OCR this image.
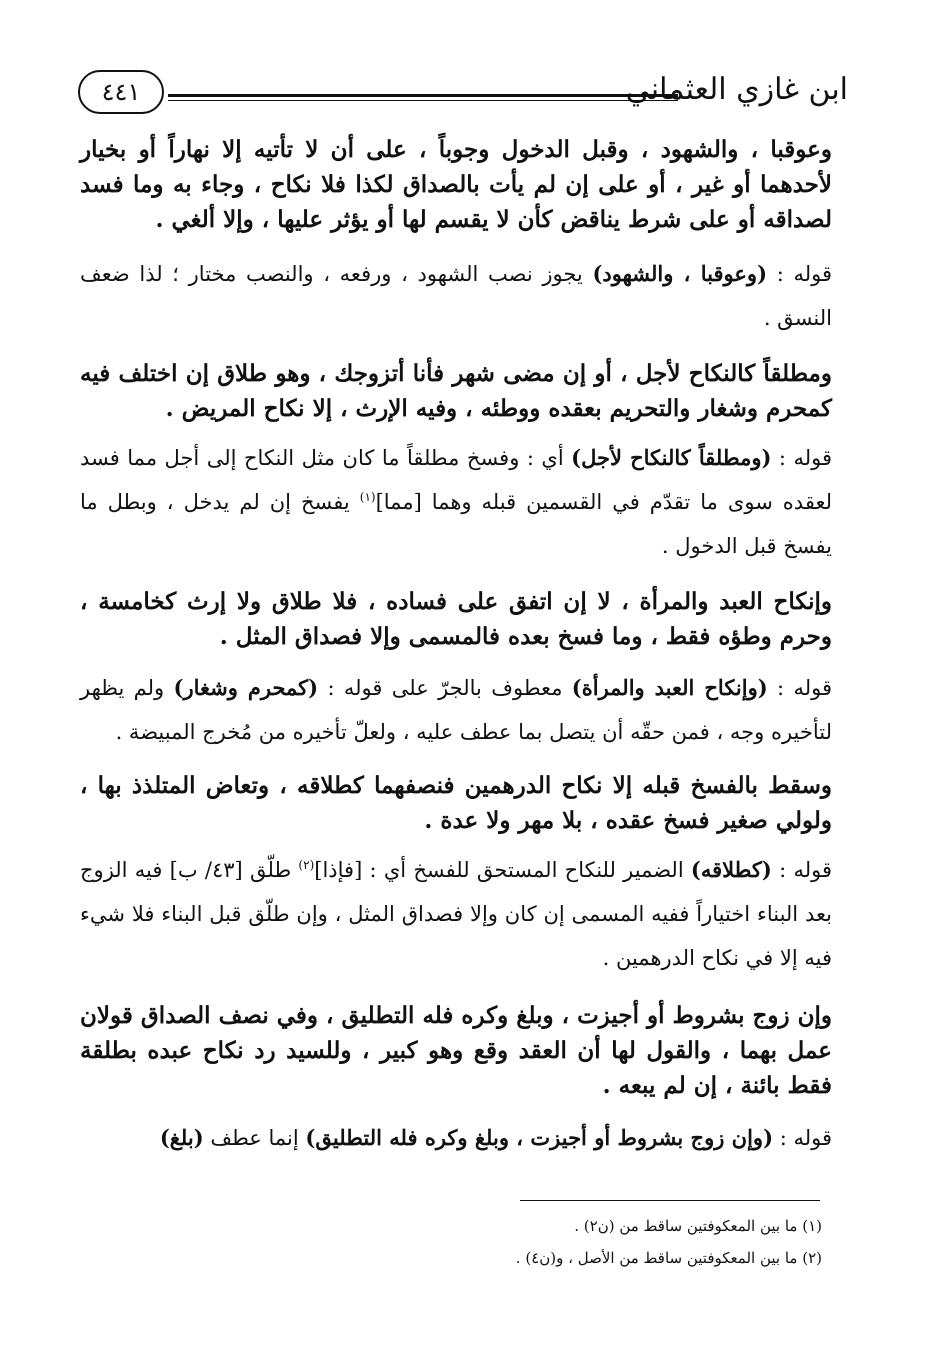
٤٤١	ابن غازي العثماني
وعوقبا ، والشهود ، وقبل الدخول وجوباً ، على أن لا تأتيه إلا نهاراً أو بخيار لأحدهما أو غير ، أو على إن لم يأت بالصداق لكذا فلا نكاح ، وجاء به وما فسد لصداقه أو على شرط يناقض كأن لا يقسم لها أو يؤثر عليها ، وإلا ألغي .
قوله : (وعوقبا ، والشهود) يجوز نصب الشهود ، ورفعه ، والنصب مختار ؛ لذا ضعف النسق .
ومطلقاً كالنكاح لأجل ، أو إن مضى شهر فأنا أتزوجك ، وهو طلاق إن اختلف فيه كمحرم وشغار والتحريم بعقده ووطئه ، وفيه الإرث ، إلا نكاح المريض .
قوله : (ومطلقاً كالنكاح لأجل) أي : وفسخ مطلقاً ما كان مثل النكاح إلى أجل مما فسد لعقده سوى ما تقدّم في القسمين قبله وهما [مما]$^{(١)}$ يفسخ إن لم يدخل ، وبطل ما يفسخ قبل الدخول .
وإنكاح العبد والمرأة ، لا إن اتفق على فساده ، فلا طلاق ولا إرث كخامسة ، وحرم وطؤه فقط ، وما فسخ بعده فالمسمى وإلا فصداق المثل .
قوله : (وإنكاح العبد والمرأة) معطوف بالجرّ على قوله : (كمحرم وشغار) ولم يظهر لتأخيره وجه ، فمن حقّه أن يتصل بما عطف عليه ، ولعلّ تأخيره من مُخرج المبيضة .
وسقط بالفسخ قبله إلا نكاح الدرهمين فنصفهما كطلاقه ، وتعاض المتلذذ بها ، ولولي صغير فسخ عقده ، بلا مهر ولا عدة .
قوله : (كطلاقه) الضمير للنكاح المستحق للفسخ أي : [فإذا]$^{(٢)}$ طلّق [٤٣/ ب] فيه الزوج بعد البناء اختياراً ففيه المسمى إن كان وإلا فصداق المثل ، وإن طلّق قبل البناء فلا شيء فيه إلا في نكاح الدرهمين .
وإن زوج بشروط أو أجيزت ، وبلغ وكره فله التطليق ، وفي نصف الصداق قولان عمل بهما ، والقول لها أن العقد وقع وهو كبير ، وللسيد رد نكاح عبده بطلقة فقط بائنة ، إن لم يبعه .
قوله : (وإن زوج بشروط أو أجيزت ، وبلغ وكره فله التطليق) إنما عطف (بلغ)
(١) ما بين المعكوفتين ساقط من (ن٢) .
(٢) ما بين المعكوفتين ساقط من الأصل ، و(ن٤) .
